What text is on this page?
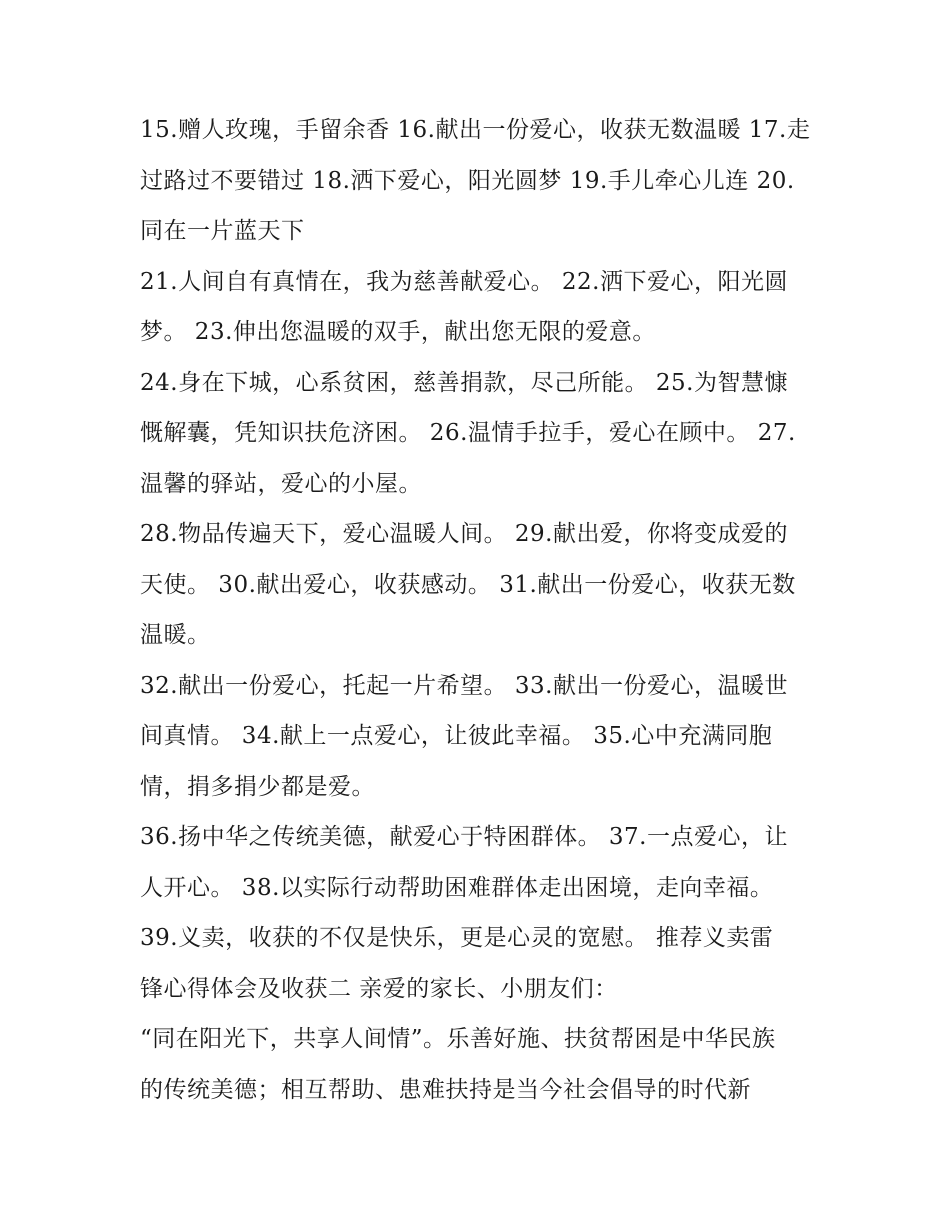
15.赠人玫瑰，手留余香 16.献出一份爱心，收获无数温暖 17.走
过路过不要错过 18.洒下爱心，阳光圆梦 19.手儿牵心儿连 20.
同在一片蓝天下
21.人间自有真情在，我为慈善献爱心。 22.洒下爱心，阳光圆
梦。 23.伸出您温暖的双手，献出您无限的爱意。
24.身在下城，心系贫困，慈善捐款，尽己所能。 25.为智慧慷
慨解囊，凭知识扶危济困。 26.温情手拉手，爱心在顾中。 27.
温馨的驿站，爱心的小屋。
28.物品传遍天下，爱心温暖人间。 29.献出爱，你将变成爱的
天使。 30.献出爱心，收获感动。 31.献出一份爱心，收获无数
温暖。
32.献出一份爱心，托起一片希望。 33.献出一份爱心，温暖世
间真情。 34.献上一点爱心，让彼此幸福。 35.心中充满同胞
情，捐多捐少都是爱。
36.扬中华之传统美德，献爱心于特困群体。 37.一点爱心，让
人开心。 38.以实际行动帮助困难群体走出困境，走向幸福。
39.义卖，收获的不仅是快乐，更是心灵的宽慰。 推荐义卖雷
锋心得体会及收获二 亲爱的家长、小朋友们：
“同在阳光下，共享人间情”。乐善好施、扶贫帮困是中华民族
的传统美德；相互帮助、患难扶持是当今社会倡导的时代新
